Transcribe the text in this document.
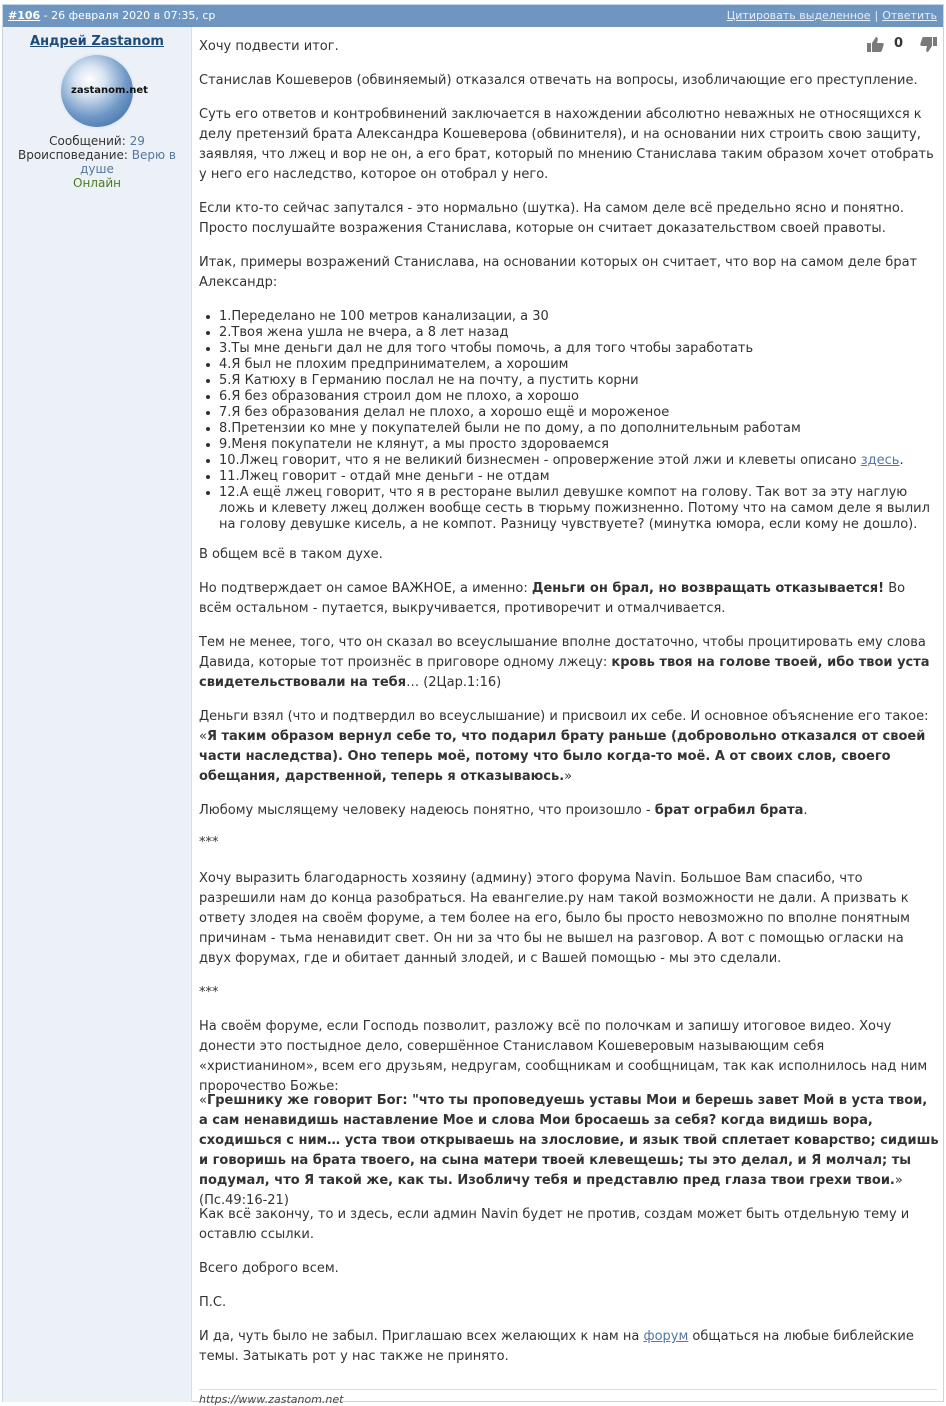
#106 - 26 февраля 2020 в 07:35, ср	Цитировать выделенное | Ответить
Андрей Zastanom
zastanom.net
Сообщений: 29
Вроисповедание: Верю в душе
Онлайн
0

Хочу подвести итог.

Станислав Кошеверов (обвиняемый) отказался отвечать на вопросы, изобличающие его преступление.

Суть его ответов и контробвинений заключается в нахождении абсолютно неважных не относящихся к делу претензий брата Александра Кошеверова (обвинителя), и на основании них строить свою защиту, заявляя, что лжец и вор не он, а его брат, который по мнению Станислава таким образом хочет отобрать у него его наследство, которое он отобрал у него.

Если кто-то сейчас запутался - это нормально (шутка). На самом деле всё предельно ясно и понятно. Просто послушайте возражения Станислава, которые он считает доказательством своей правоты.

Итак, примеры возражений Станислава, на основании которых он считает, что вор на самом деле брат Александр:

1.Переделано не 100 метров канализации, а 30
2.Твоя жена ушла не вчера, а 8 лет назад
3.Ты мне деньги дал не для того чтобы помочь, а для того чтобы заработать
4.Я был не плохим предпринимателем, а хорошим
5.Я Катюху в Германию послал не на почту, а пустить корни
6.Я без образования строил дом не плохо, а хорошо
7.Я без образования делал не плохо, а хорошо ещё и мороженое
8.Претензии ко мне у покупателей были не по дому, а по дополнительным работам
9.Меня покупатели не клянут, а мы просто здороваемся
10.Лжец говорит, что я не великий бизнесмен - опровержение этой лжи и клеветы описано здесь.
11.Лжец говорит - отдай мне деньги - не отдам
12.А ещё лжец говорит, что я в ресторане вылил девушке компот на голову. Так вот за эту наглую ложь и клевету лжец должен вообще сесть в тюрьму пожизненно. Потому что на самом деле я вылил на голову девушке кисель, а не компот. Разницу чувствуете? (минутка юмора, если кому не дошло).

В общем всё в таком духе.

Но подтверждает он самое ВАЖНОЕ, а именно: Деньги он брал, но возвращать отказывается! Во всём остальном - путается, выкручивается, противоречит и отмалчивается.

Тем не менее, того, что он сказал во всеуслышание вполне достаточно, чтобы процитировать ему слова Давида, которые тот произнёс в приговоре одному лжецу: кровь твоя на голове твоей, ибо твои уста свидетельствовали на тебя… (2Цар.1:16)

Деньги взял (что и подтвердил во всеуслышание) и присвоил их себе. И основное объяснение его такое: «Я таким образом вернул себе то, что подарил брату раньше (добровольно отказался от своей части наследства). Оно теперь моё, потому что было когда-то моё. А от своих слов, своего обещания, дарственной, теперь я отказываюсь.»

Любому мыслящему человеку надеюсь понятно, что произошло - брат ограбил брата.

***

Хочу выразить благодарность хозяину (админу) этого форума Navin. Большое Вам спасибо, что разрешили нам до конца разобраться. На евангелие.ру нам такой возможности не дали. А призвать к ответу злодея на своём форуме, а тем более на его, было бы просто невозможно по вполне понятным причинам - тьма ненавидит свет. Он ни за что бы не вышел на разговор. А вот с помощью огласки на двух форумах, где и обитает данный злодей, и с Вашей помощью - мы это сделали.

***

На своём форуме, если Господь позволит, разложу всё по полочкам и запишу итоговое видео. Хочу донести это постыдное дело, совершённое Станиславом Кошеверовым называющим себя «христианином», всем его друзьям, недругам, сообщникам и сообщницам, так как исполнилось над ним пророчество Божье:

«Грешнику же говорит Бог: "что ты проповедуешь уставы Мои и берешь завет Мой в уста твои, а сам ненавидишь наставление Мое и слова Мои бросаешь за себя? когда видишь вора, сходишься с ним… уста твои открываешь на злословие, и язык твой сплетает коварство; сидишь и говоришь на брата твоего, на сына матери твоей клевещешь; ты это делал, и Я молчал; ты подумал, что Я такой же, как ты. Изобличу тебя и представлю пред глаза твои грехи твои.» (Пс.49:16-21)

Как всё закончу, то и здесь, если админ Navin будет не против, создам может быть отдельную тему и оставлю ссылки.

Всего доброго всем.

П.С.

И да, чуть было не забыл. Приглашаю всех желающих к нам на форум общаться на любые библейские темы. Затыкать рот у нас также не принято.

https://www.zastanom.net
